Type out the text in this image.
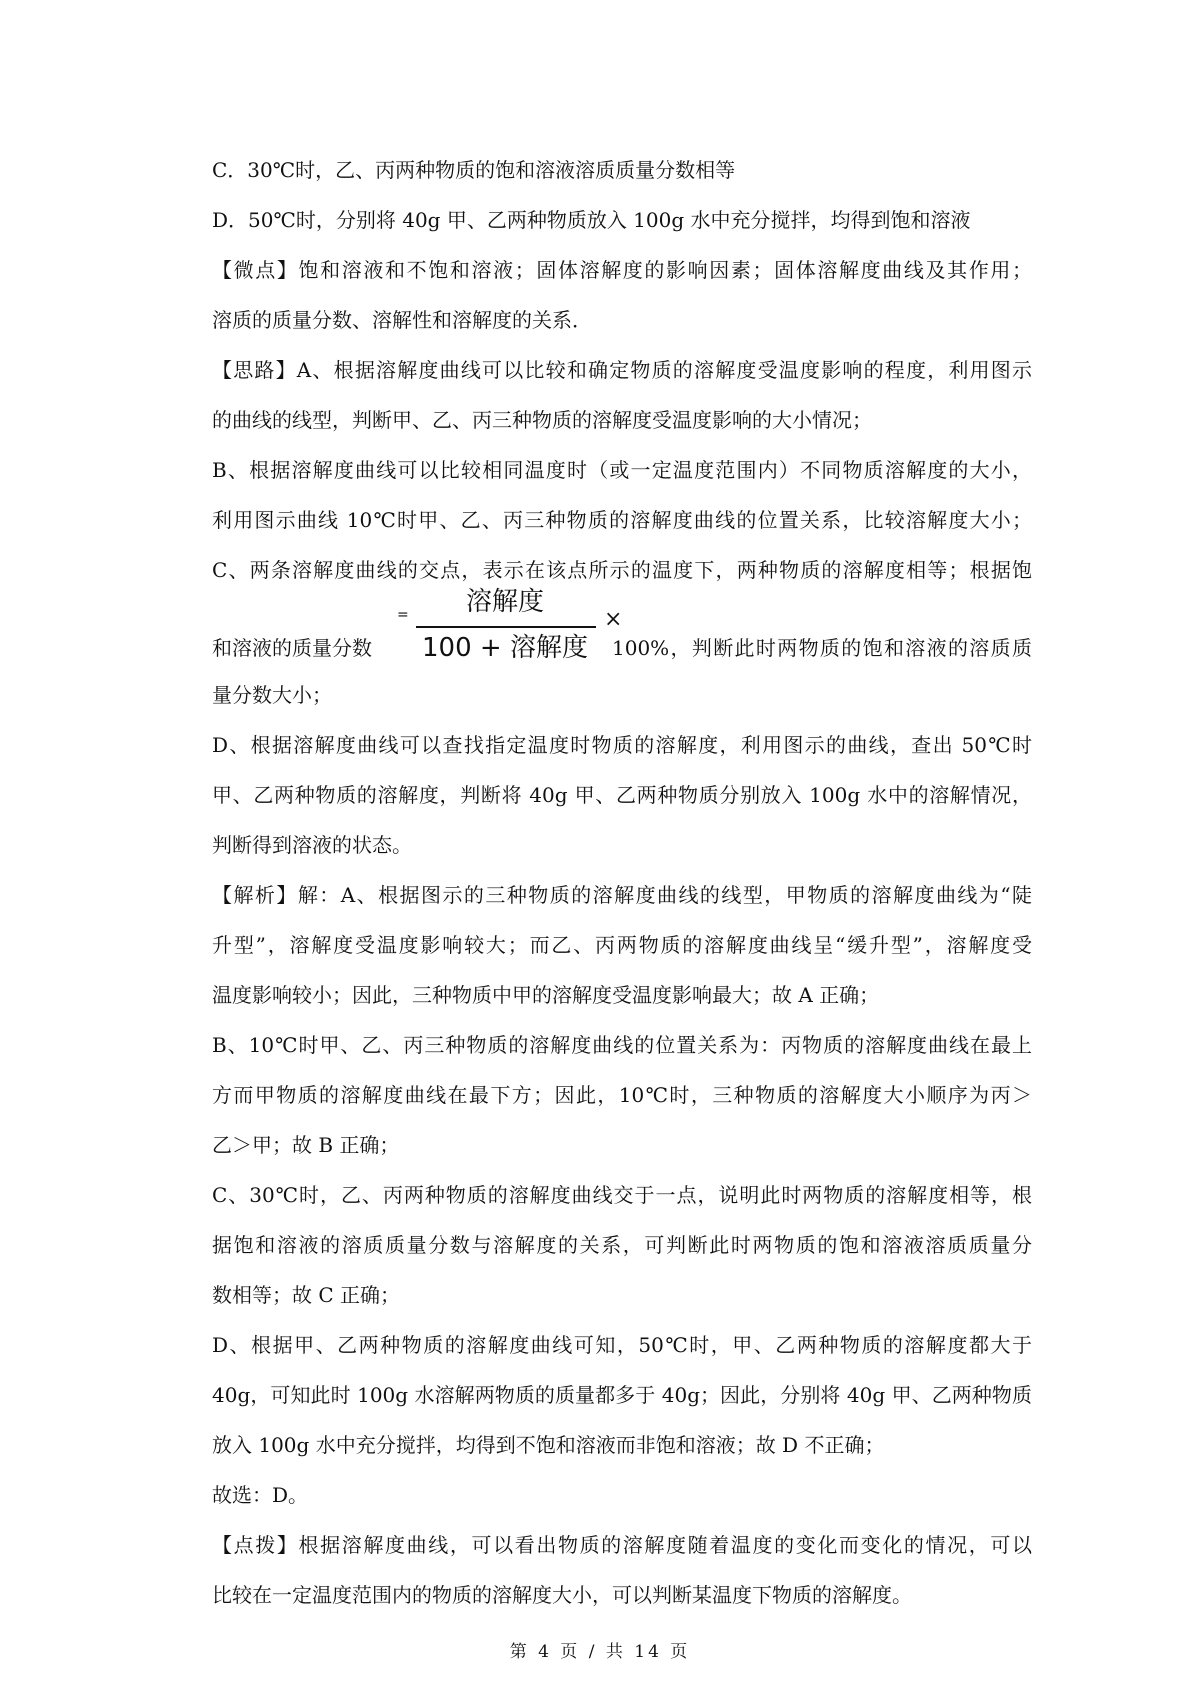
C．30℃时，乙、丙两种物质的饱和溶液溶质质量分数相等
D．50℃时，分别将 40g 甲、乙两种物质放入 100g 水中充分搅拌，均得到饱和溶液
【微点】饱和溶液和不饱和溶液；固体溶解度的影响因素；固体溶解度曲线及其作用；
溶质的质量分数、溶解性和溶解度的关系．
【思路】A、根据溶解度曲线可以比较和确定物质的溶解度受温度影响的程度，利用图示
的曲线的线型，判断甲、乙、丙三种物质的溶解度受温度影响的大小情况；
B、根据溶解度曲线可以比较相同温度时（或一定温度范围内）不同物质溶解度的大小，
利用图示曲线 10℃时甲、乙、丙三种物质的溶解度曲线的位置关系，比较溶解度大小；
C、两条溶解度曲线的交点，表示在该点所示的温度下，两种物质的溶解度相等；根据饱
和溶液的质量分数
=	溶解度
100 + 溶解度
×
100%，判断此时两物质的饱和溶液的溶质质
量分数大小；
D、根据溶解度曲线可以查找指定温度时物质的溶解度，利用图示的曲线，查出 50℃时
甲、乙两种物质的溶解度，判断将 40g 甲、乙两种物质分别放入 100g 水中的溶解情况，
判断得到溶液的状态。
【解析】解：A、根据图示的三种物质的溶解度曲线的线型，甲物质的溶解度曲线为“陡
升型”，溶解度受温度影响较大；而乙、丙两物质的溶解度曲线呈“缓升型”，溶解度受
温度影响较小；因此，三种物质中甲的溶解度受温度影响最大；故 A 正确；
B、10℃时甲、乙、丙三种物质的溶解度曲线的位置关系为：丙物质的溶解度曲线在最上
方而甲物质的溶解度曲线在最下方；因此，10℃时，三种物质的溶解度大小顺序为丙＞
乙＞甲；故 B 正确；
C、30℃时，乙、丙两种物质的溶解度曲线交于一点，说明此时两物质的溶解度相等，根
据饱和溶液的溶质质量分数与溶解度的关系，可判断此时两物质的饱和溶液溶质质量分
数相等；故 C 正确；
D、根据甲、乙两种物质的溶解度曲线可知，50℃时，甲、乙两种物质的溶解度都大于
40g，可知此时 100g 水溶解两物质的质量都多于 40g；因此，分别将 40g 甲、乙两种物质
放入 100g 水中充分搅拌，均得到不饱和溶液而非饱和溶液；故 D 不正确；
故选：D。
【点拨】根据溶解度曲线，可以看出物质的溶解度随着温度的变化而变化的情况，可以
比较在一定温度范围内的物质的溶解度大小，可以判断某温度下物质的溶解度。
第 4 页 / 共 14 页
